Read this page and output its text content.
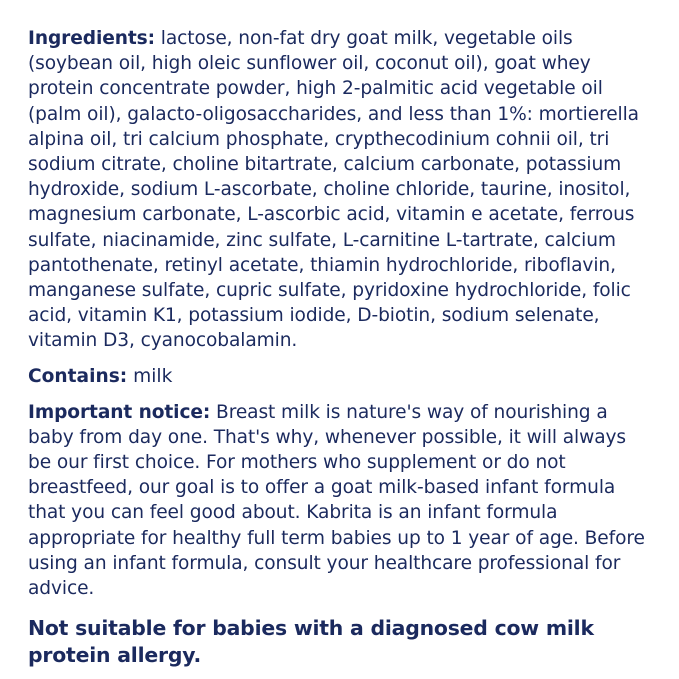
Ingredients: lactose, non-fat dry goat milk, vegetable oils (soybean oil, high oleic sunflower oil, coconut oil), goat whey protein concentrate powder, high 2-palmitic acid vegetable oil (palm oil), galacto-oligosaccharides, and less than 1%: mortierella alpina oil, tri calcium phosphate, crypthecodinium cohnii oil, tri sodium citrate, choline bitartrate, calcium carbonate, potassium hydroxide, sodium L-ascorbate, choline chloride, taurine, inositol, magnesium carbonate, L-ascorbic acid, vitamin e acetate, ferrous sulfate, niacinamide, zinc sulfate, L-carnitine L-tartrate, calcium pantothenate, retinyl acetate, thiamin hydrochloride, riboflavin, manganese sulfate, cupric sulfate, pyridoxine hydrochloride, folic acid, vitamin K1, potassium iodide, D-biotin, sodium selenate, vitamin D3, cyanocobalamin.

Contains: milk

Important notice: Breast milk is nature's way of nourishing a baby from day one. That's why, whenever possible, it will always be our first choice. For mothers who supplement or do not breastfeed, our goal is to offer a goat milk-based infant formula that you can feel good about. Kabrita is an infant formula appropriate for healthy full term babies up to 1 year of age. Before using an infant formula, consult your healthcare professional for advice.

Not suitable for babies with a diagnosed cow milk protein allergy.
